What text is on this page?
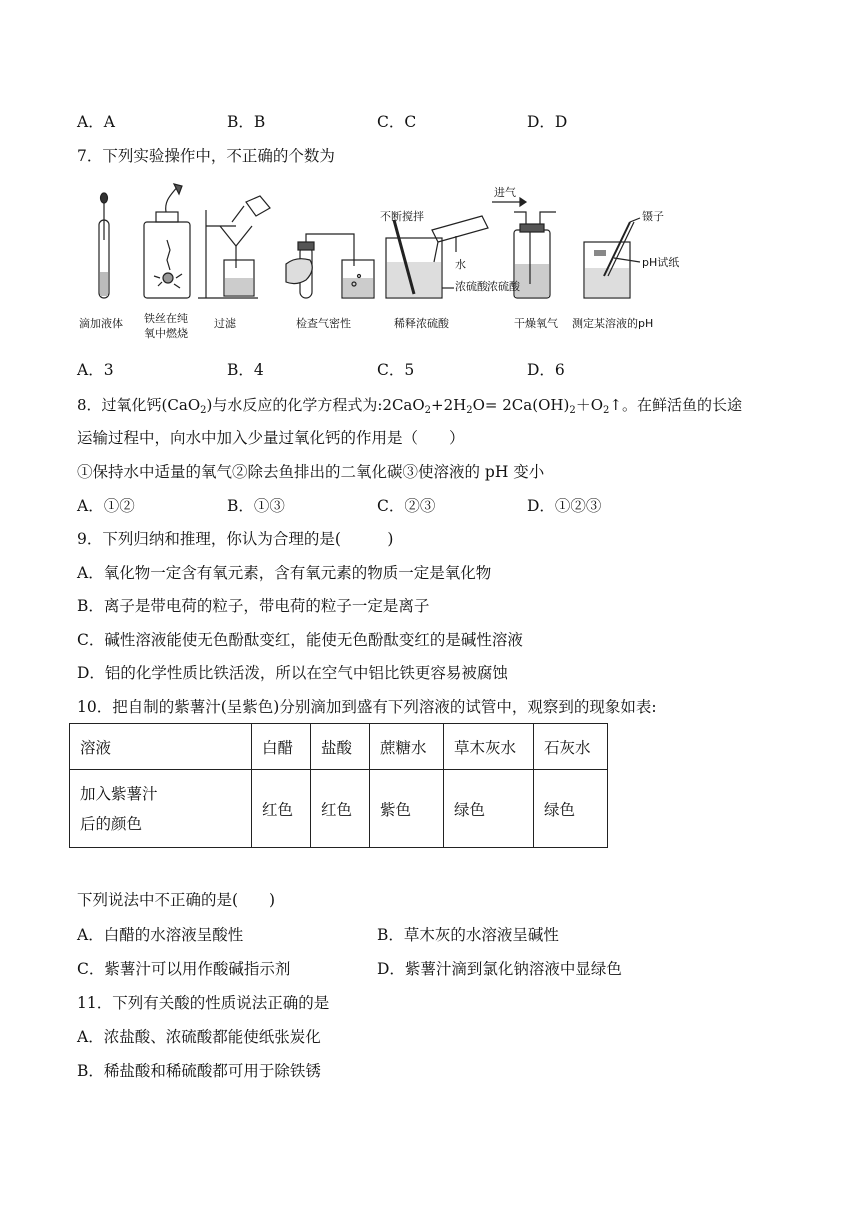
A．A	B．B	C．C	D．D
7．下列实验操作中，不正确的个数为
滴加液体 铁丝在纯
氧中燃烧
过滤	检查气密性
不断搅拌
水
浓硫酸
稀释浓硫酸
进气
浓硫酸
干燥氧气
镊子
pH试纸
测定某溶液的pH
A．3	B．4	C．5	D．6
8．过氧化钙(CaO$_2$)与水反应的化学方程式为$:2CaO_2+2H_2O=$ $2Ca(OH)_2+O_2↑$。在鲜活鱼的长途
运输过程中，向水中加入少量过氧化钙的作用是（　　）
①保持水中适量的氧气②除去鱼排出的二氧化碳③使溶液的 pH 变小
A．①②	B．①③	C．②③	D．①②③
9．下列归纳和推理，你认为合理的是(　　　)
A．氧化物一定含有氧元素，含有氧元素的物质一定是氧化物
B．离子是带电荷的粒子，带电荷的粒子一定是离子
C．碱性溶液能使无色酚酞变红，能使无色酚酞变红的是碱性溶液
D．铝的化学性质比铁活泼，所以在空气中铝比铁更容易被腐蚀
10．把自制的紫薯汁(呈紫色)分别滴加到盛有下列溶液的试管中，观察到的现象如表:
溶液	白醋	盐酸	蔗糖水	草木灰水	石灰水

加入紫薯汁
后的颜色	红色	红色	紫色	绿色	绿色
下列说法中不正确的是(　　)
A．白醋的水溶液呈酸性	B．草木灰的水溶液呈碱性
C．紫薯汁可以用作酸碱指示剂	D．紫薯汁滴到氯化钠溶液中显绿色
11．下列有关酸的性质说法正确的是
A．浓盐酸、浓硫酸都能使纸张炭化
B．稀盐酸和稀硫酸都可用于除铁锈
